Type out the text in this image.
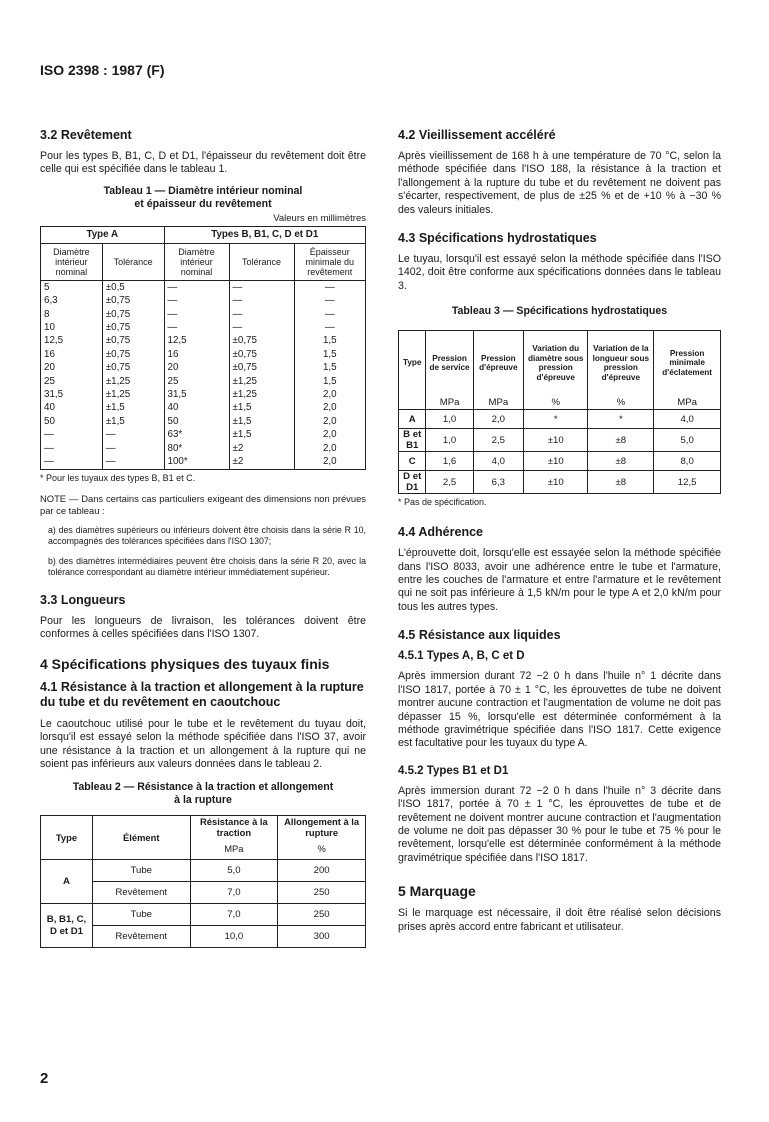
ISO 2398 : 1987 (F)
3.2 Revêtement

Pour les types B, B1, C, D et D1, l'épaisseur du revêtement doit être celle qui est spécifiée dans le tableau 1.

Tableau 1 — Diamètre intérieur nominal
et épaisseur du revêtement
Valeurs en millimètres
Type A		Types B, B1, C, D et D1		
Diamètre intérieur nominal	Tolérance	Diamètre intérieur nominal	Tolérance	Épaisseur minimale du revêtement
5	±0,5	—	—	—
6,3	±0,75	—	—	—
8	±0,75	—	—	—
10	±0,75	—	—	—
12,5	±0,75	12,5	±0,75	1,5
16	±0,75	16	±0,75	1,5
20	±0,75	20	±0,75	1,5
25	±1,25	25	±1,25	1,5
31,5	±1,25	31,5	±1,25	2,0
40	±1,5	40	±1,5	2,0
50	±1,5	50	±1,5	2,0
—	—	63*	±1,5	2,0
—	—	80*	±2	2,0
—	—	100*	±2	2,0
* Pour les tuyaux des types B, B1 et C.
NOTE — Dans certains cas particuliers exigeant des dimensions non prévues par ce tableau :
a) des diamètres supérieurs ou inférieurs doivent être choisis dans la série R 10, accompagnés des tolérances spécifiées dans l'ISO 1307;
b) des diamètres intermédiaires peuvent être choisis dans la série R 20, avec la tolérance correspondant au diamètre intérieur immédiatement supérieur.
3.3 Longueurs

Pour les longueurs de livraison, les tolérances doivent être conformes à celles spécifiées dans l'ISO 1307.

4 Spécifications physiques des tuyaux finis
4.1 Résistance à la traction et allongement à la rupture du tube et du revêtement en caoutchouc

Le caoutchouc utilisé pour le tube et le revêtement du tuyau doit, lorsqu'il est essayé selon la méthode spécifiée dans l'ISO 37, avoir une résistance à la traction et un allongement à la rupture qui ne soient pas inférieurs aux valeurs données dans le tableau 2.

Tableau 2 — Résistance à la traction et allongement
à la rupture
Type	Élément	Résistance à la traction	Allongement à la rupture
		MPa	%
A	Tube	5,0	200
	Revêtement	7,0	250
B, B1, C, D et D1	Tube	7,0	250
	Revêtement	10,0	300
4.2 Vieillissement accéléré

Après vieillissement de 168 h à une température de 70 °C, selon la méthode spécifiée dans l'ISO 188, la résistance à la traction et l'allongement à la rupture du tube et du revêtement ne doivent pas s'écarter, respectivement, de plus de ±25 % et de +10 % à −30 % des valeurs initiales.

4.3 Spécifications hydrostatiques

Le tuyau, lorsqu'il est essayé selon la méthode spécifiée dans l'ISO 1402, doit être conforme aux spécifications données dans le tableau 3.

Tableau 3 — Spécifications hydrostatiques
Type	Pression de service	Pression d'épreuve	Variation du diamètre sous pression d'épreuve	Variation de la longueur sous pression d'épreuve	Pression minimale d'éclatement
	MPa	MPa	%	%	MPa
A	1,0	2,0	*	*	4,0
B et B1	1,0	2,5	±10	±8	5,0
C	1,6	4,0	±10	±8	8,0
D et D1	2,5	6,3	±10	±8	12,5
* Pas de spécification.
4.4 Adhérence

L'éprouvette doit, lorsqu'elle est essayée selon la méthode spécifiée dans l'ISO 8033, avoir une adhérence entre le tube et l'armature, entre les couches de l'armature et entre l'armature et le revêtement qui ne soit pas inférieure à 1,5 kN/m pour le type A et 2,0 kN/m pour tous les autres types.

4.5 Résistance aux liquides
4.5.1 Types A, B, C et D

Après immersion durant 72 −2 0 h dans l'huile n° 1 décrite dans l'ISO 1817, portée à 70 ± 1 °C, les éprouvettes de tube ne doivent montrer aucune contraction et l'augmentation de volume ne doit pas dépasser 15 %, lorsqu'elle est déterminée conformément à la méthode gravimétrique spécifiée dans l'ISO 1817. Cette exigence est facultative pour les tuyaux du type A.

4.5.2 Types B1 et D1

Après immersion durant 72 −2 0 h dans l'huile n° 3 décrite dans l'ISO 1817, portée à 70 ± 1 °C, les éprouvettes de tube et de revêtement ne doivent montrer aucune contraction et l'augmentation de volume ne doit pas dépasser 30 % pour le tube et 75 % pour le revêtement, lorsqu'elle est déterminée conformément à la méthode gravimétrique spécifiée dans l'ISO 1817.

5 Marquage

Si le marquage est nécessaire, il doit être réalisé selon décisions prises après accord entre fabricant et utilisateur.

2
